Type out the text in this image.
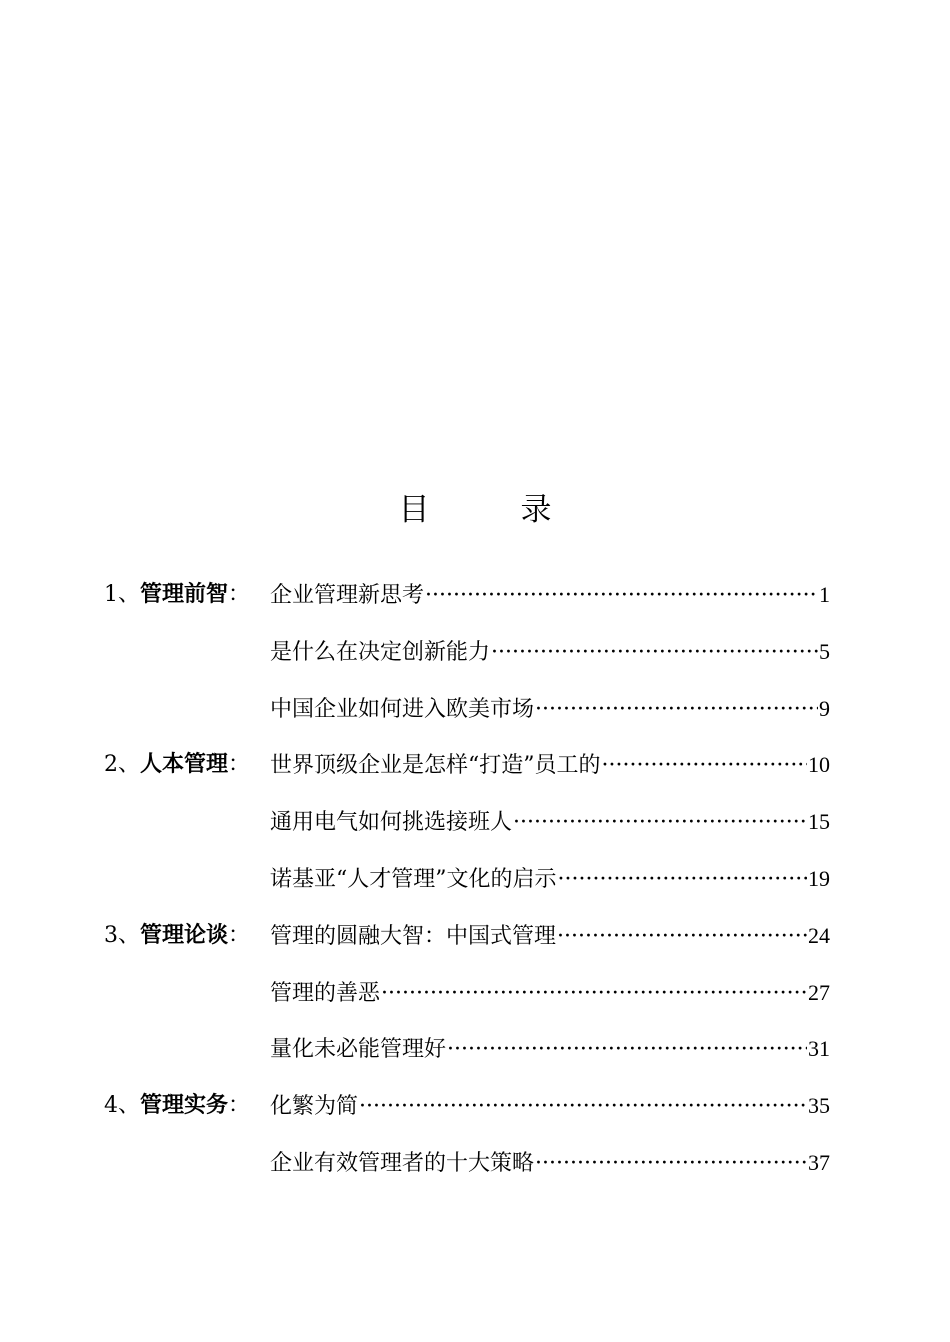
目　录
1、管理前智： 企业管理新思考 ·····	1
是什么在决定创新能力 ·····	5
中国企业如何进入欧美市场 ·····	9
2、人本管理： 世界顶级企业是怎样“打造”员工的 ·····	10
通用电气如何挑选接班人 ·····	15
诺基亚“人才管理”文化的启示 ·····	19
3、管理论谈： 管理的圆融大智：中国式管理 ·····	24
管理的善恶 ·····	27
量化未必能管理好 ·····	31
4、管理实务： 化繁为简 ·····	35
企业有效管理者的十大策略 ·····	37
